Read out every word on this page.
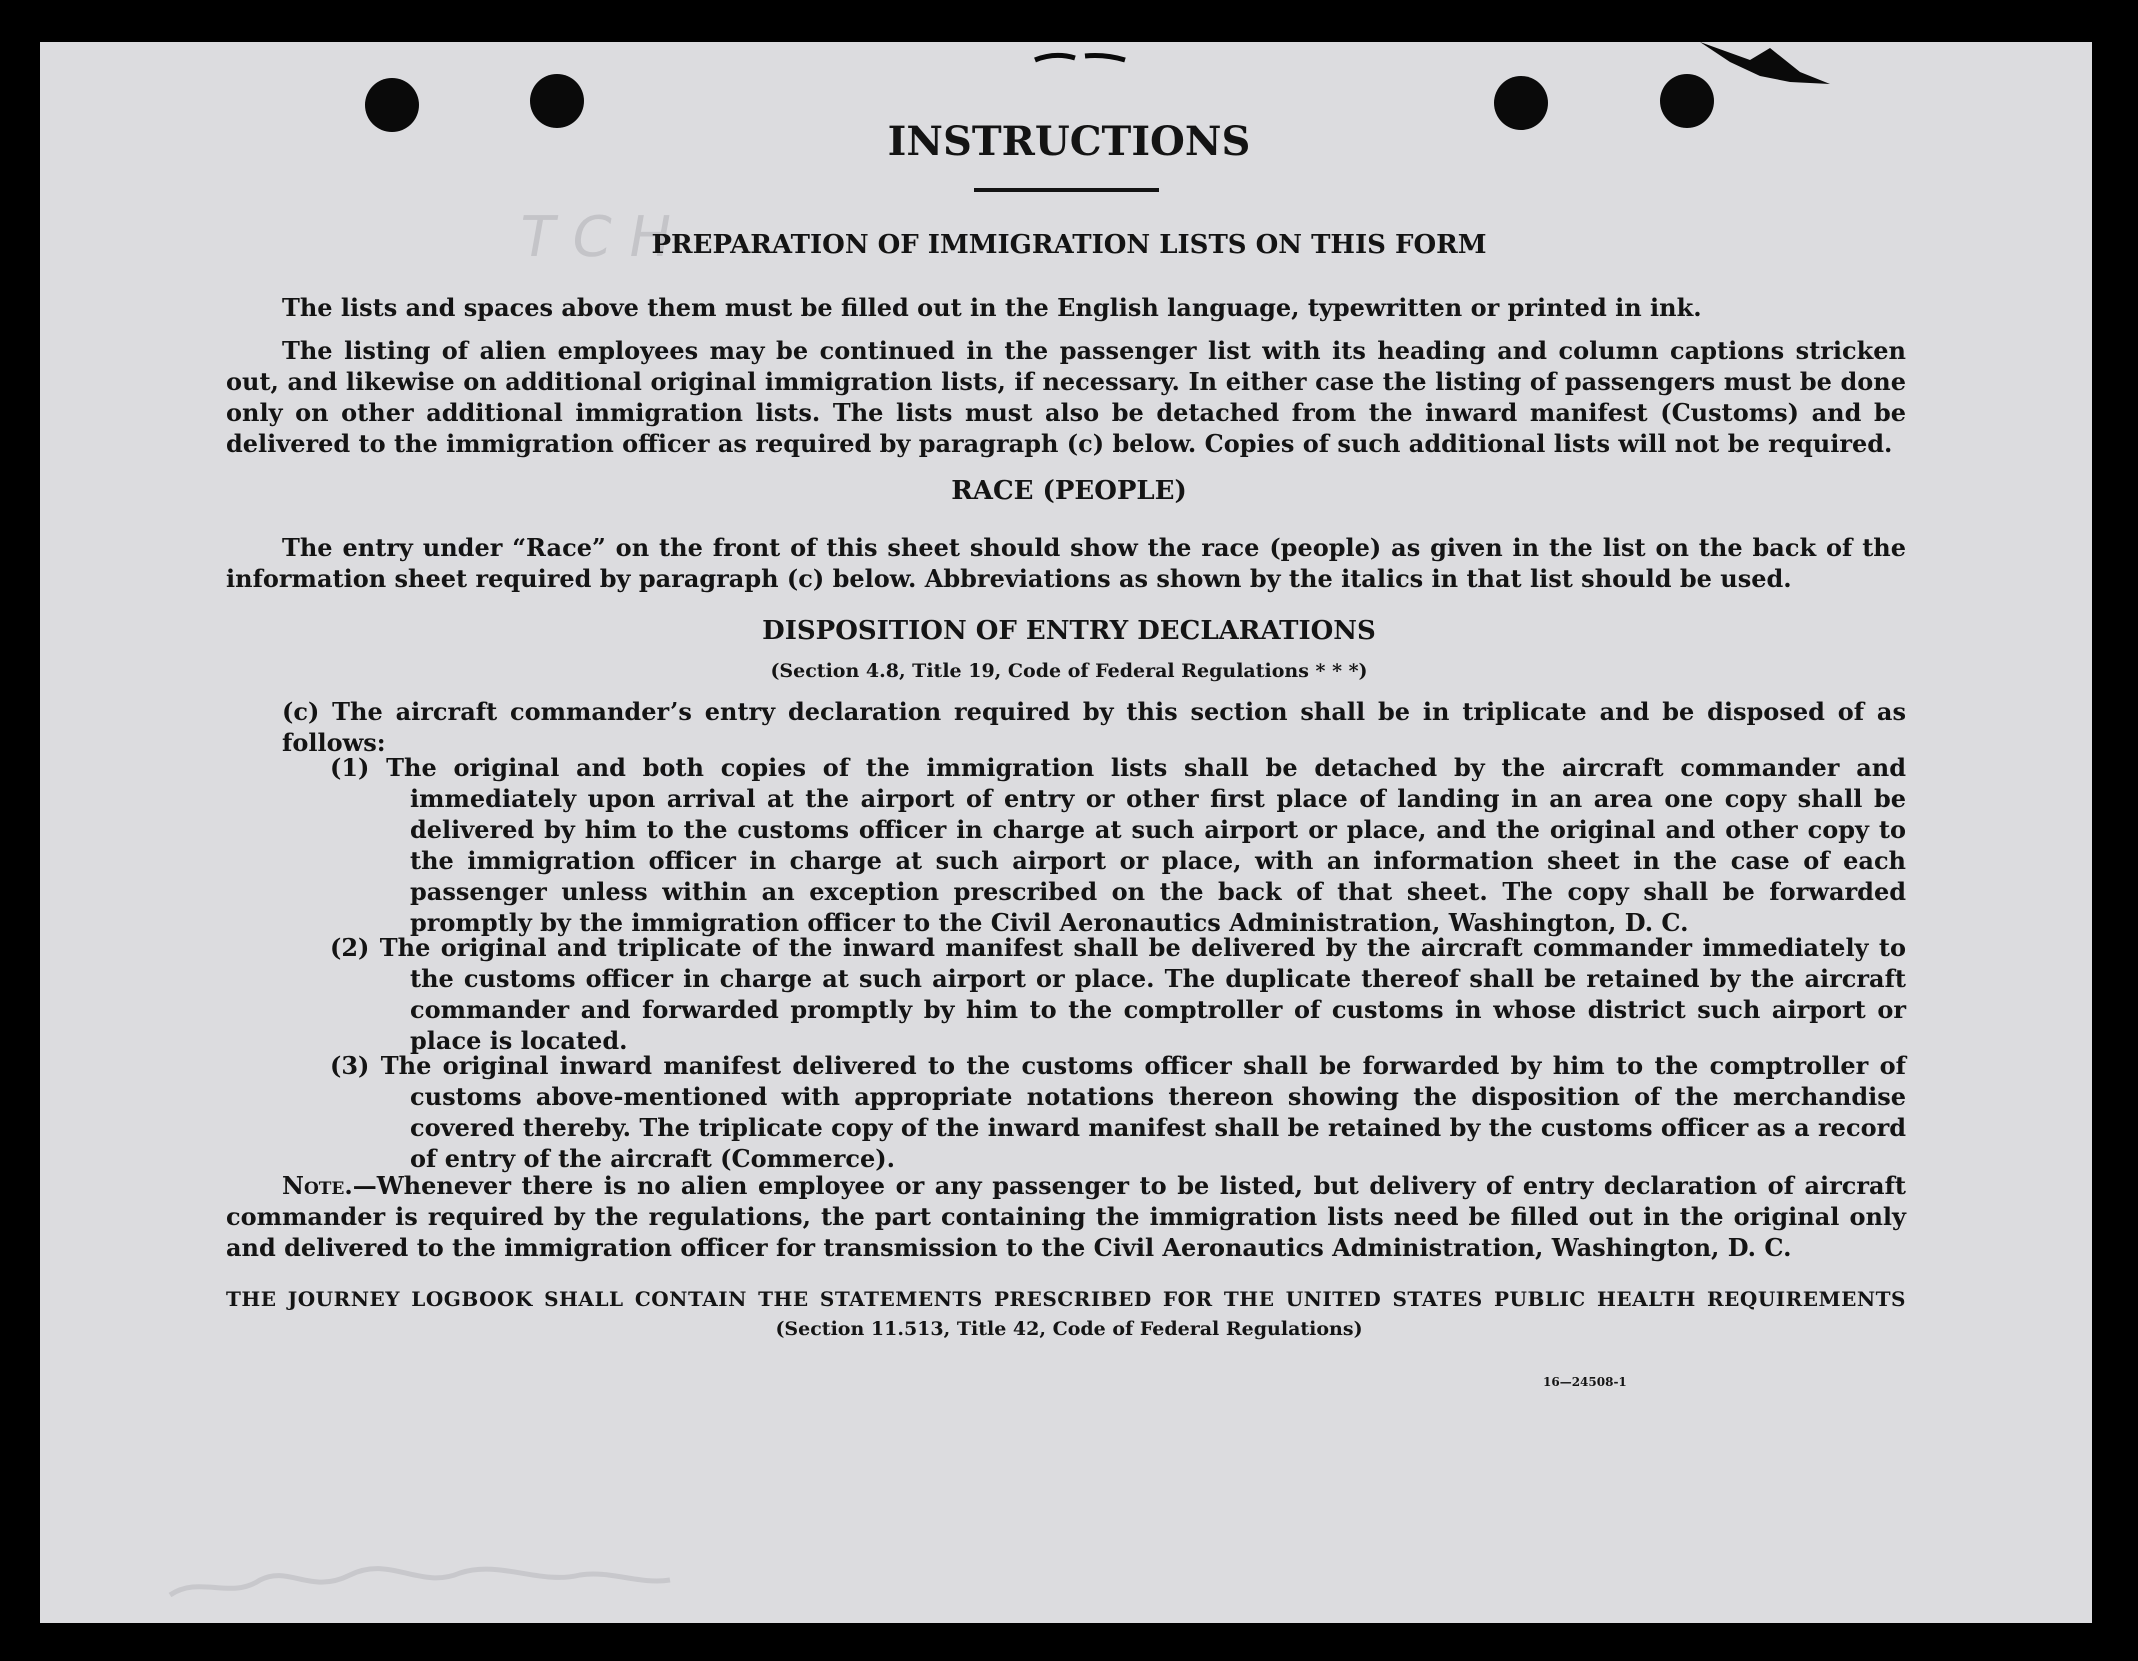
T C H
INSTRUCTIONS
PREPARATION OF IMMIGRATION LISTS ON THIS FORM
The lists and spaces above them must be filled out in the English language, typewritten or printed in ink.
The listing of alien employees may be continued in the passenger list with its heading and column captions stricken out, and likewise on additional original immigration lists, if necessary. In either case the listing of passengers must be done only on other additional immigration lists. The lists must also be detached from the inward manifest (Customs) and be delivered to the immigration officer as required by paragraph (c) below. Copies of such additional lists will not be required.
RACE (PEOPLE)
The entry under “Race” on the front of this sheet should show the race (people) as given in the list on the back of the information sheet required by paragraph (c) below. Abbreviations as shown by the italics in that list should be used.
DISPOSITION OF ENTRY DECLARATIONS
(Section 4.8, Title 19, Code of Federal Regulations * * *)
(c) The aircraft commander’s entry declaration required by this section shall be in triplicate and be disposed of as follows:
(1) The original and both copies of the immigration lists shall be detached by the aircraft commander and immediately upon arrival at the airport of entry or other first place of landing in an area one copy shall be delivered by him to the customs officer in charge at such airport or place, and the original and other copy to the immigration officer in charge at such airport or place, with an information sheet in the case of each passenger unless within an exception prescribed on the back of that sheet. The copy shall be forwarded promptly by the immigration officer to the Civil Aeronautics Administration, Washington, D. C.
(2) The original and triplicate of the inward manifest shall be delivered by the aircraft commander immediately to the customs officer in charge at such airport or place. The duplicate thereof shall be retained by the aircraft commander and forwarded promptly by him to the comptroller of customs in whose district such airport or place is located.
(3) The original inward manifest delivered to the customs officer shall be forwarded by him to the comptroller of customs above-mentioned with appropriate notations thereon showing the disposition of the merchandise covered thereby. The triplicate copy of the inward manifest shall be retained by the customs officer as a record of entry of the aircraft (Commerce).
Note.—Whenever there is no alien employee or any passenger to be listed, but delivery of entry declaration of aircraft commander is required by the regulations, the part containing the immigration lists need be filled out in the original only and delivered to the immigration officer for transmission to the Civil Aeronautics Administration, Washington, D. C.
THE JOURNEY LOGBOOK SHALL CONTAIN THE STATEMENTS PRESCRIBED FOR THE UNITED STATES PUBLIC HEALTH REQUIREMENTS
(Section 11.513, Title 42, Code of Federal Regulations)
16—24508-1
